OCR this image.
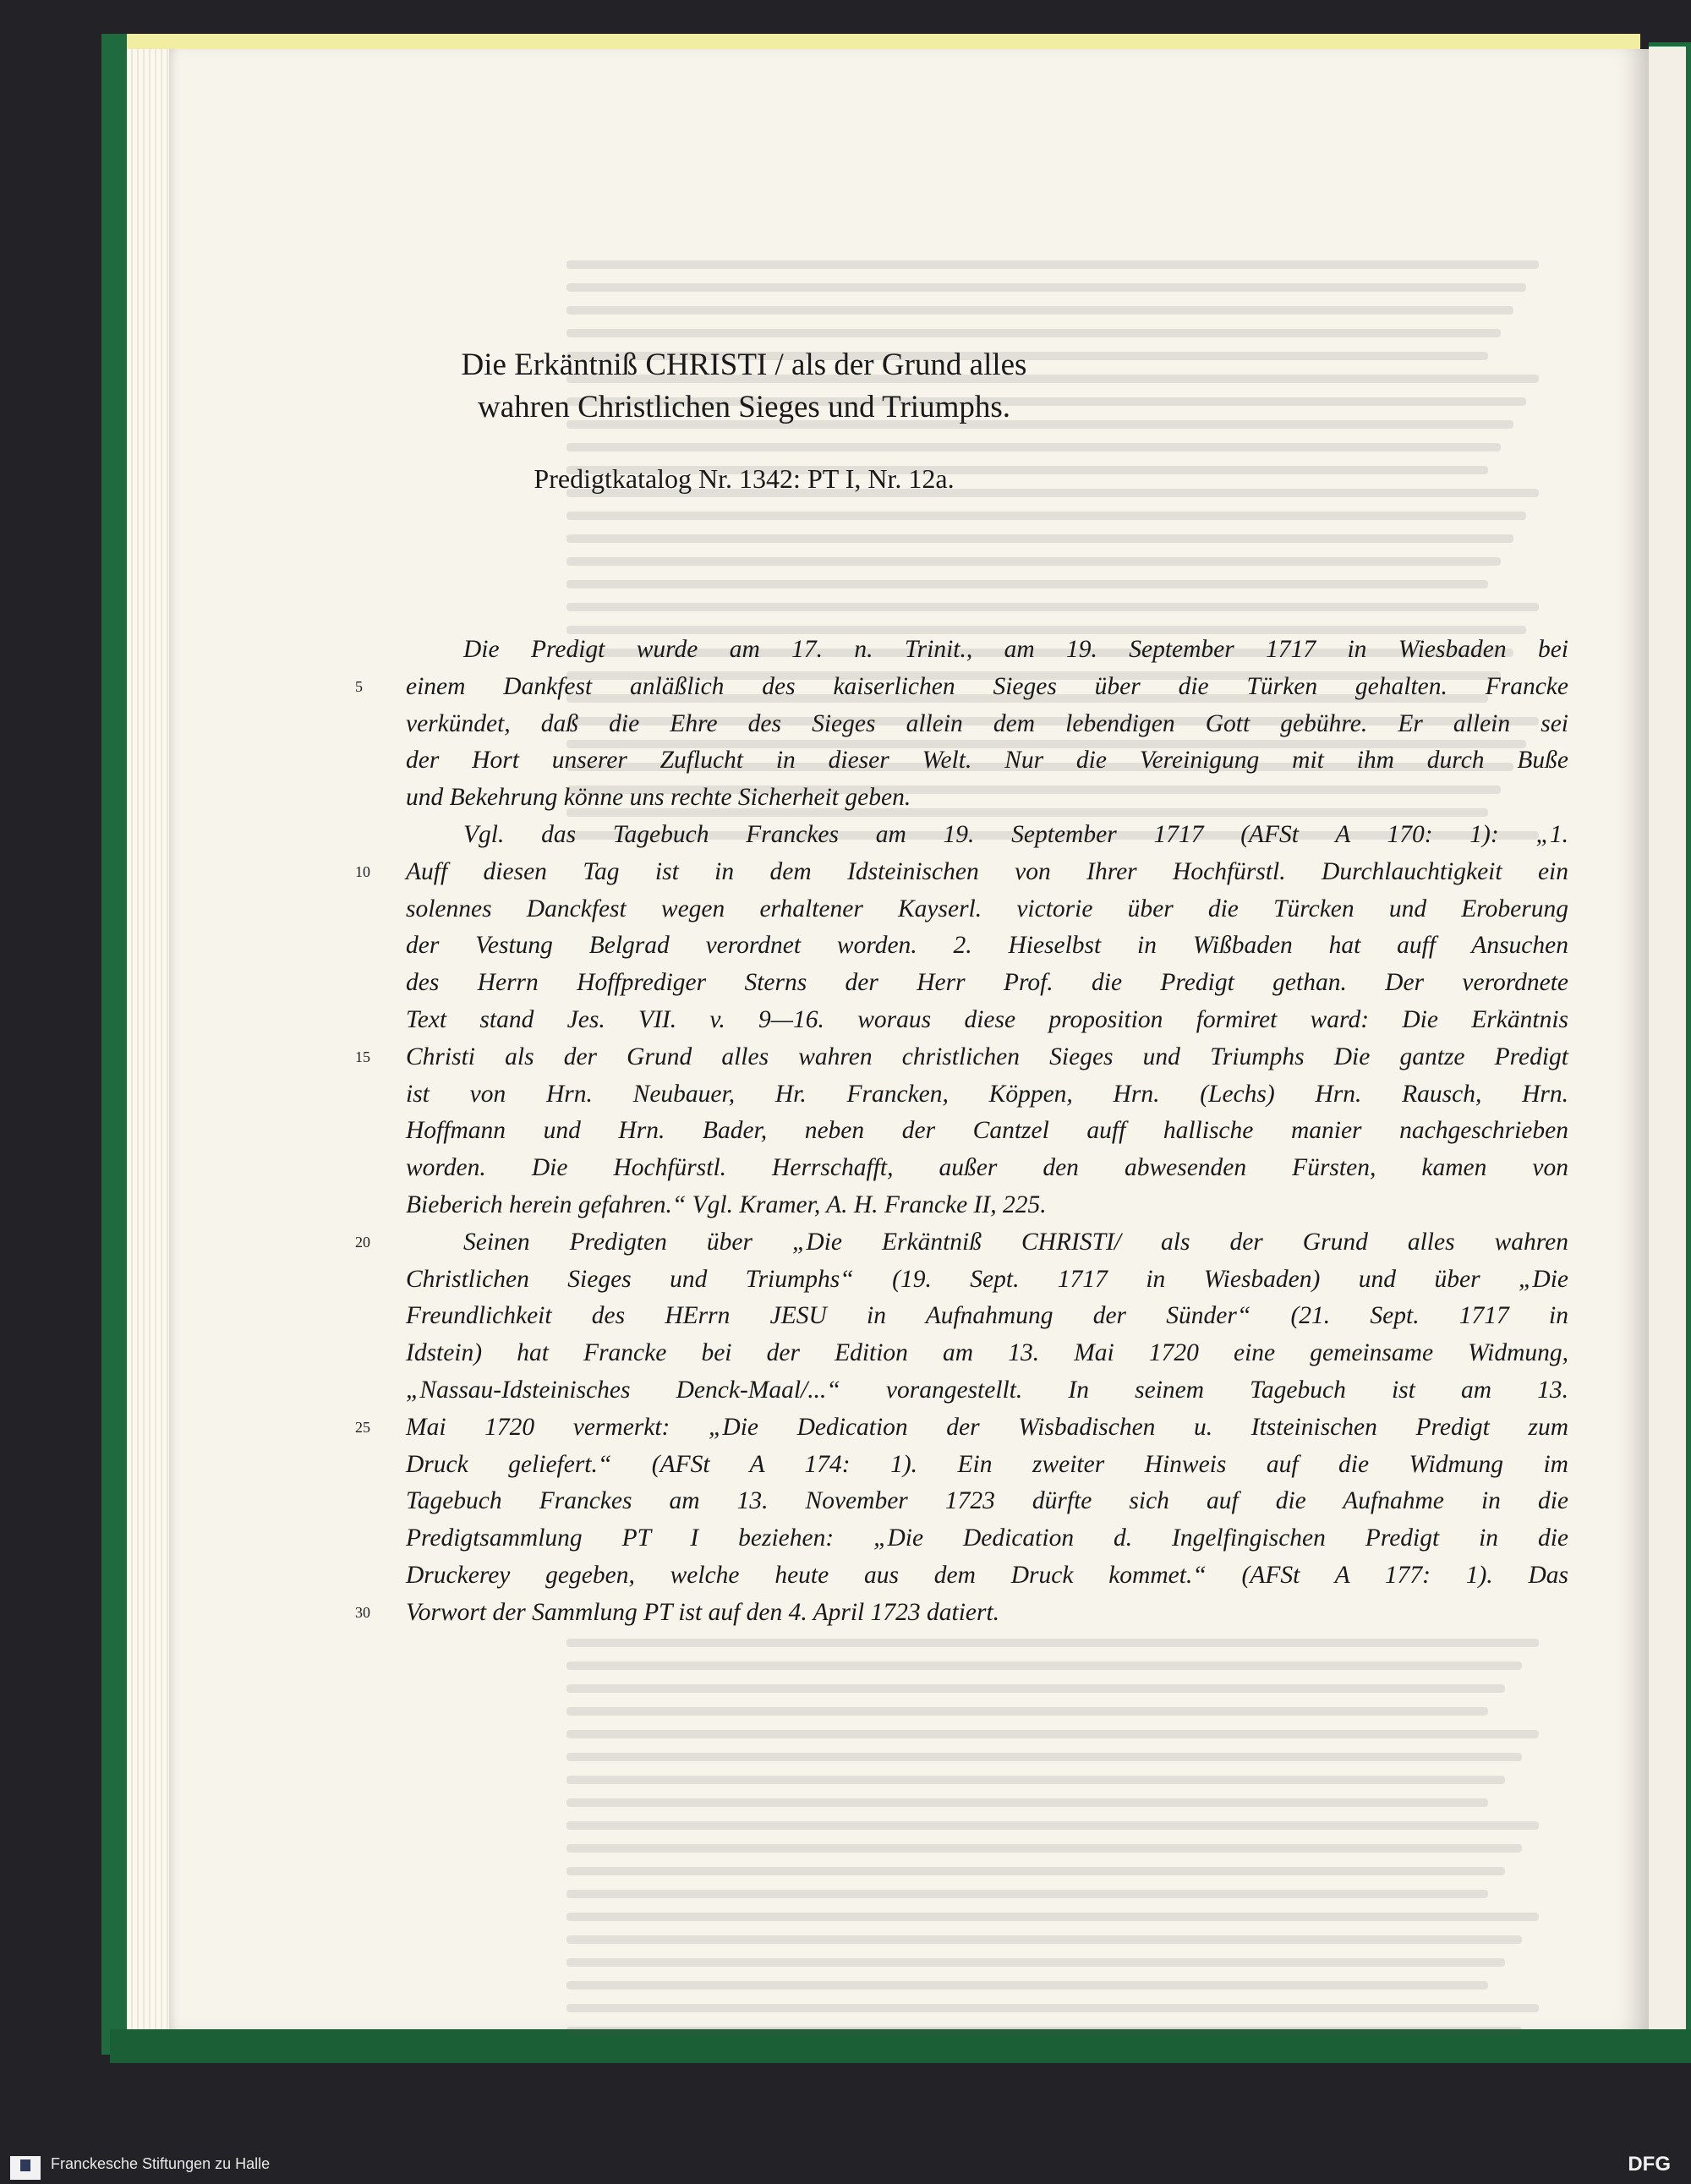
Die Erkäntniß CHRISTI / als der Grund alles
wahren Christlichen Sieges und Triumphs.
Predigtkatalog Nr. 1342: PT I, Nr. 12a.
Die Predigt wurde am 17. n. Trinit., am 19. September 1717 in Wiesbaden bei
einem Dankfest anläßlich des kaiserlichen Sieges über die Türken gehalten. Francke
5
verkündet, daß die Ehre des Sieges allein dem lebendigen Gott gebühre. Er allein sei
der Hort unserer Zuflucht in dieser Welt. Nur die Vereinigung mit ihm durch Buße
und Bekehrung könne uns rechte Sicherheit geben.
Vgl. das Tagebuch Franckes am 19. September 1717 (AFSt A 170: 1): „1.
Auff diesen Tag ist in dem Idsteinischen von Ihrer Hochfürstl. Durchlauchtigkeit ein
10
solennes Danckfest wegen erhaltener Kayserl. victorie über die Türcken und Eroberung
der Vestung Belgrad verordnet worden. 2. Hieselbst in Wißbaden hat auff Ansuchen
des Herrn Hoffprediger Sterns der Herr Prof. die Predigt gethan. Der verordnete
Text stand Jes. VII. v. 9—16. woraus diese proposition formiret ward: Die Erkäntnis
Christi als der Grund alles wahren christlichen Sieges und Triumphs Die gantze Predigt
15
ist von Hrn. Neubauer, Hr. Francken, Köppen, Hrn. (Lechs) Hrn. Rausch, Hrn.
Hoffmann und Hrn. Bader, neben der Cantzel auff hallische manier nachgeschrieben
worden. Die Hochfürstl. Herrschafft, außer den abwesenden Fürsten, kamen von
Bieberich herein gefahren.“ Vgl. Kramer, A. H. Francke II, 225.
Seinen Predigten über „Die Erkäntniß CHRISTI/ als der Grund alles wahren
20
Christlichen Sieges und Triumphs“ (19. Sept. 1717 in Wiesbaden) und über „Die
Freundlichkeit des HErrn JESU in Aufnahmung der Sünder“ (21. Sept. 1717 in
Idstein) hat Francke bei der Edition am 13. Mai 1720 eine gemeinsame Widmung,
„Nassau-Idsteinisches Denck-Maal/...“ vorangestellt. In seinem Tagebuch ist am 13.
Mai 1720 vermerkt: „Die Dedication der Wisbadischen u. Itsteinischen Predigt zum
25
Druck geliefert.“ (AFSt A 174: 1). Ein zweiter Hinweis auf die Widmung im
Tagebuch Franckes am 13. November 1723 dürfte sich auf die Aufnahme in die
Predigtsammlung PT I beziehen: „Die Dedication d. Ingelfingischen Predigt in die
Druckerey gegeben, welche heute aus dem Druck kommet.“ (AFSt A 177: 1). Das
Vorwort der Sammlung PT ist auf den 4. April 1723 datiert.
30
Franckesche Stiftungen zu Halle	DFG
